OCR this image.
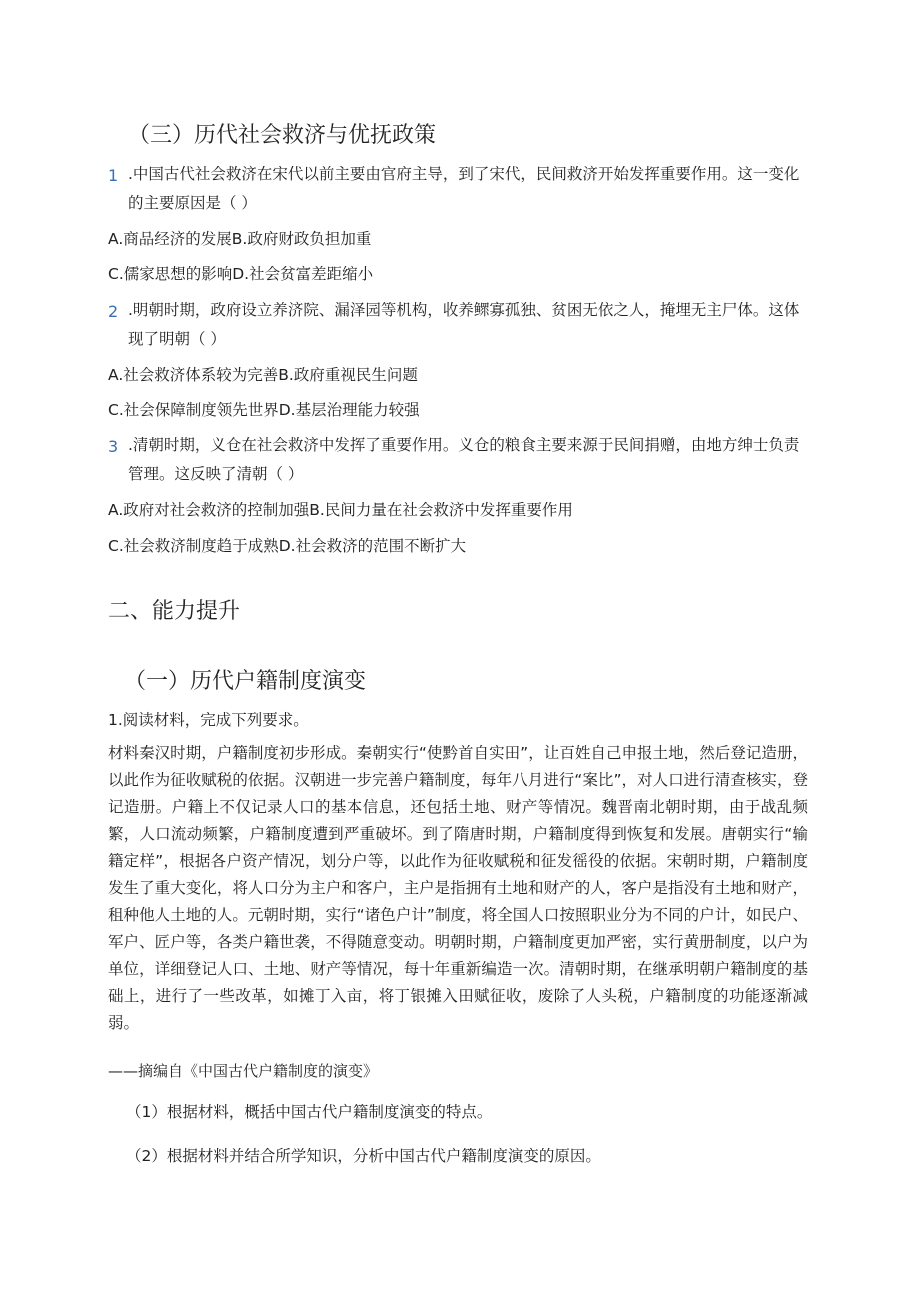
（三）历代社会救济与优抚政策
1 .中国古代社会救济在宋代以前主要由官府主导，到了宋代，民间救济开始发挥重要作用。这一变化
的主要原因是（ ）
A.商品经济的发展B.政府财政负担加重
C.儒家思想的影响D.社会贫富差距缩小
2 .明朝时期，政府设立养济院、漏泽园等机构，收养鳏寡孤独、贫困无依之人，掩埋无主尸体。这体
现了明朝（ ）
A.社会救济体系较为完善B.政府重视民生问题
C.社会保障制度领先世界D.基层治理能力较强
3 .清朝时期，义仓在社会救济中发挥了重要作用。义仓的粮食主要来源于民间捐赠，由地方绅士负责
管理。这反映了清朝（ ）
A.政府对社会救济的控制加强B.民间力量在社会救济中发挥重要作用
C.社会救济制度趋于成熟D.社会救济的范围不断扩大
二、能力提升
（一）历代户籍制度演变
1.阅读材料，完成下列要求。
材料秦汉时期，户籍制度初步形成。秦朝实行“使黔首自实田”，让百姓自己申报土地，然后登记造册，以此作为征收赋税的依据。汉朝进一步完善户籍制度，每年八月进行“案比”，对人口进行清查核实，登记造册。户籍上不仅记录人口的基本信息，还包括土地、财产等情况。魏晋南北朝时期，由于战乱频繁，人口流动频繁，户籍制度遭到严重破坏。到了隋唐时期，户籍制度得到恢复和发展。唐朝实行“输籍定样”，根据各户资产情况，划分户等，以此作为征收赋税和征发徭役的依据。宋朝时期，户籍制度发生了重大变化，将人口分为主户和客户，主户是指拥有土地和财产的人，客户是指没有土地和财产，租种他人土地的人。元朝时期，实行“诸色户计”制度，将全国人口按照职业分为不同的户计，如民户、军户、匠户等，各类户籍世袭，不得随意变动。明朝时期，户籍制度更加严密，实行黄册制度，以户为单位，详细登记人口、土地、财产等情况，每十年重新编造一次。清朝时期，在继承明朝户籍制度的基础上，进行了一些改革，如摊丁入亩，将丁银摊入田赋征收，废除了人头税，户籍制度的功能逐渐减弱。
——摘编自《中国古代户籍制度的演变》
（1）根据材料，概括中国古代户籍制度演变的特点。
（2）根据材料并结合所学知识，分析中国古代户籍制度演变的原因。
